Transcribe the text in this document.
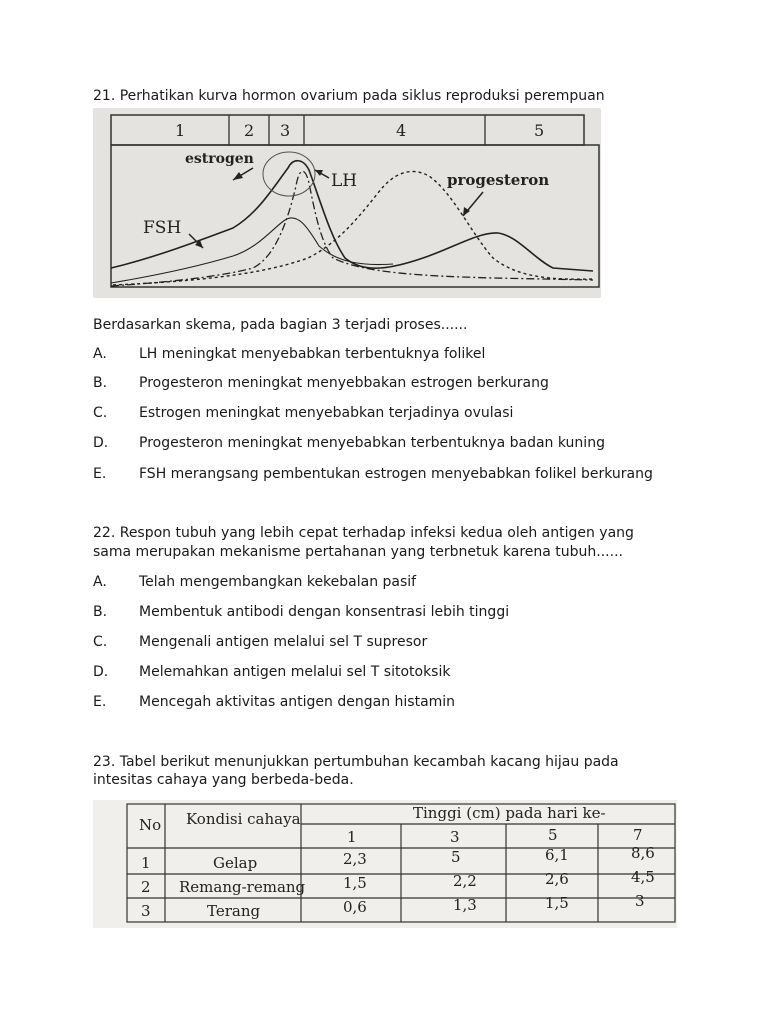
21. Perhatikan kurva hormon ovarium pada siklus reproduksi perempuan
1	2 3	4	5
estrogen
LH	progesteron
FSH
Berdasarkan skema, pada bagian 3 terjadi proses......
A. LH meningkat menyebabkan terbentuknya folikel
B. Progesteron meningkat menyebbakan estrogen berkurang
C. Estrogen meningkat menyebabkan terjadinya ovulasi
D. Progesteron meningkat menyebabkan terbentuknya badan kuning
E. FSH merangsang pembentukan estrogen menyebabkan folikel berkurang
22. Respon tubuh yang lebih cepat terhadap infeksi kedua oleh antigen yang
sama merupakan mekanisme pertahanan yang terbnetuk karena tubuh......
A. Telah mengembangkan kekebalan pasif
B. Membentuk antibodi dengan konsentrasi lebih tinggi
C. Mengenali antigen melalui sel T supresor
D. Melemahkan antigen melalui sel T sitotoksik
E. Mencegah aktivitas antigen dengan histamin
23. Tabel berikut menunjukkan pertumbuhan kecambah kacang hijau pada
intesitas cahaya yang berbeda-beda.
No Kondisi cahaya	Tinggi (cm) pada hari ke-
1	3	5	7
1	Gelap	2,3	5	6,1	8,6
2 Remang-remang	1,5	2,2	2,6	4,5
3	Terang	0,6	1,3	1,5	3
